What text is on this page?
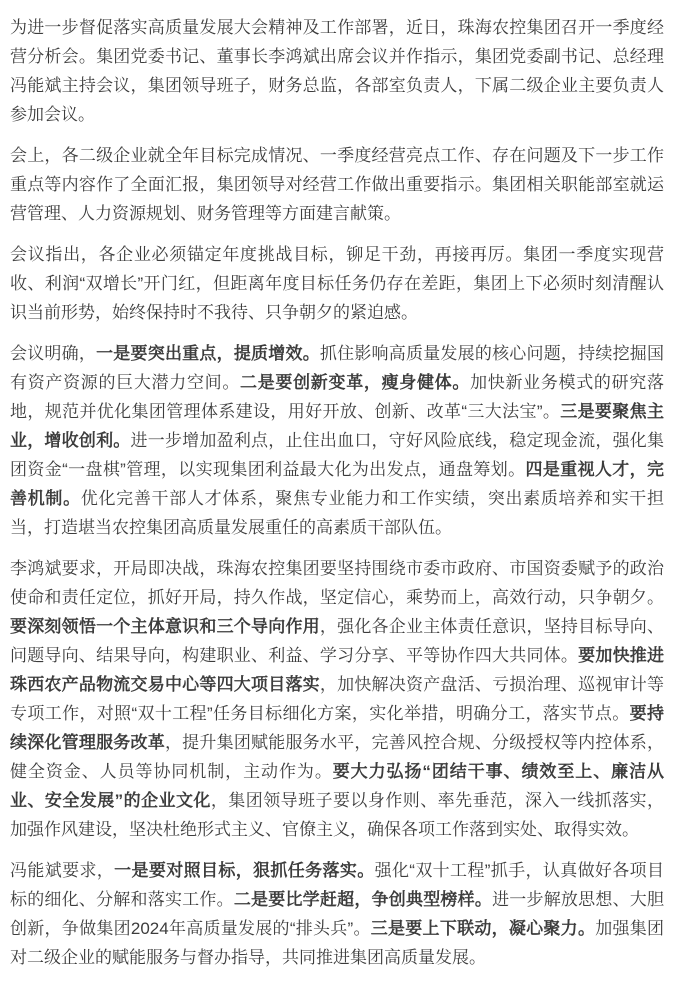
为进一步督促落实高质量发展大会精神及工作部署，近日，珠海农控集团召开一季度经营分析会。集团党委书记、董事长李鸿斌出席会议并作指示，集团党委副书记、总经理冯能斌主持会议，集团领导班子，财务总监，各部室负责人，下属二级企业主要负责人参加会议。

会上，各二级企业就全年目标完成情况、一季度经营亮点工作、存在问题及下一步工作重点等内容作了全面汇报，集团领导对经营工作做出重要指示。集团相关职能部室就运营管理、人力资源规划、财务管理等方面建言献策。

会议指出，各企业必须锚定年度挑战目标，铆足干劲，再接再厉。集团一季度实现营收、利润“双增长”开门红，但距离年度目标任务仍存在差距，集团上下必须时刻清醒认识当前形势，始终保持时不我待、只争朝夕的紧迫感。

会议明确，一是要突出重点，提质增效。抓住影响高质量发展的核心问题，持续挖掘国有资产资源的巨大潜力空间。二是要创新变革，瘦身健体。加快新业务模式的研究落地，规范并优化集团管理体系建设，用好开放、创新、改革“三大法宝”。三是要聚焦主业，增收创利。进一步增加盈利点，止住出血口，守好风险底线，稳定现金流，强化集团资金“一盘棋”管理，以实现集团利益最大化为出发点，通盘筹划。四是重视人才，完善机制。优化完善干部人才体系，聚焦专业能力和工作实绩，突出素质培养和实干担当，打造堪当农控集团高质量发展重任的高素质干部队伍。

李鸿斌要求，开局即决战，珠海农控集团要坚持围绕市委市政府、市国资委赋予的政治使命和责任定位，抓好开局，持久作战，坚定信心，乘势而上，高效行动，只争朝夕。要深刻领悟一个主体意识和三个导向作用，强化各企业主体责任意识，坚持目标导向、问题导向、结果导向，构建职业、利益、学习分享、平等协作四大共同体。要加快推进珠西农产品物流交易中心等四大项目落实，加快解决资产盘活、亏损治理、巡视审计等专项工作，对照“双十工程”任务目标细化方案，实化举措，明确分工，落实节点。要持续深化管理服务改革，提升集团赋能服务水平，完善风控合规、分级授权等内控体系，健全资金、人员等协同机制，主动作为。要大力弘扬“团结干事、绩效至上、廉洁从业、安全发展”的企业文化，集团领导班子要以身作则、率先垂范，深入一线抓落实，加强作风建设，坚决杜绝形式主义、官僚主义，确保各项工作落到实处、取得实效。

冯能斌要求，一是要对照目标，狠抓任务落实。强化“双十工程”抓手，认真做好各项目标的细化、分解和落实工作。二是要比学赶超，争创典型榜样。进一步解放思想、大胆创新，争做集团2024年高质量发展的“排头兵”。三是要上下联动，凝心聚力。加强集团对二级企业的赋能服务与督办指导，共同推进集团高质量发展。
